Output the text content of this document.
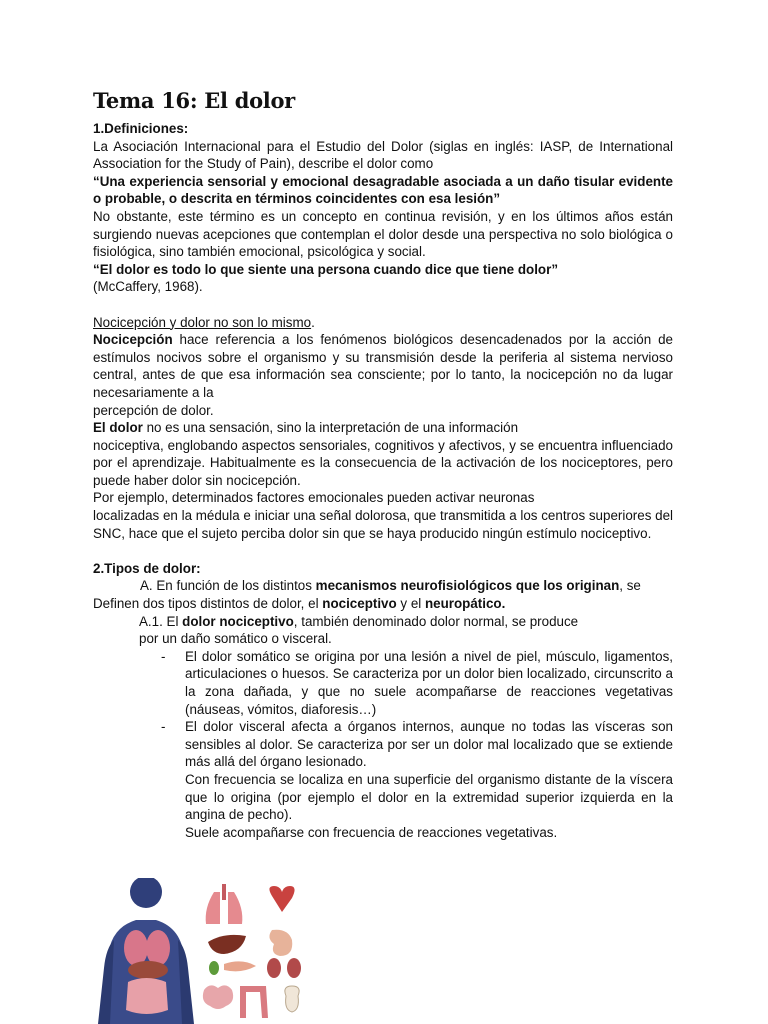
Tema 16: El dolor

1.Definiciones:

La Asociación Internacional para el Estudio del Dolor (siglas en inglés: IASP, de International Association for the Study of Pain), describe el dolor como

“Una experiencia sensorial y emocional desagradable asociada a un daño tisular evidente o probable, o descrita en términos coincidentes con esa lesión”

No obstante, este término es un concepto en continua revisión, y en los últimos años están surgiendo nuevas acepciones que contemplan el dolor desde una perspectiva no solo biológica o fisiológica, sino también emocional, psicológica y social.

“El dolor es todo lo que siente una persona cuando dice que tiene dolor”

(McCaffery, 1968).

Nocicepción y dolor no son lo mismo.

Nocicepción hace referencia a los fenómenos biológicos desencadenados por la acción de estímulos nocivos sobre el organismo y su transmisión desde la periferia al sistema nervioso central, antes de que esa información sea consciente; por lo tanto, la nocicepción no da lugar necesariamente a la

percepción de dolor.

El dolor no es una sensación, sino la interpretación de una información

nociceptiva, englobando aspectos sensoriales, cognitivos y afectivos, y se encuentra influenciado por el aprendizaje. Habitualmente es la consecuencia de la activación de los nociceptores, pero puede haber dolor sin nocicepción.

Por ejemplo, determinados factores emocionales pueden activar neuronas

localizadas en la médula e iniciar una señal dolorosa, que transmitida a los centros superiores del SNC, hace que el sujeto perciba dolor sin que se haya producido ningún estímulo nociceptivo.

2.Tipos de dolor:

A. En función de los distintos mecanismos neurofisiológicos que los originan, se

Definen dos tipos distintos de dolor, el nociceptivo y el neuropático.

A.1. El dolor nociceptivo, también denominado dolor normal, se produce

por un daño somático o visceral.

- El dolor somático se origina por una lesión a nivel de piel, músculo, ligamentos, articulaciones o huesos. Se caracteriza por un dolor bien localizado, circunscrito a la zona dañada, y que no suele acompañarse de reacciones vegetativas (náuseas, vómitos, diaforesis…)
- El dolor visceral afecta a órganos internos, aunque no todas las vísceras son sensibles al dolor. Se caracteriza por ser un dolor mal localizado que se extiende más allá del órgano lesionado.

Con frecuencia se localiza en una superficie del organismo distante de la víscera que lo origina (por ejemplo el dolor en la extremidad superior izquierda en la angina de pecho).

Suele acompañarse con frecuencia de reacciones vegetativas.
